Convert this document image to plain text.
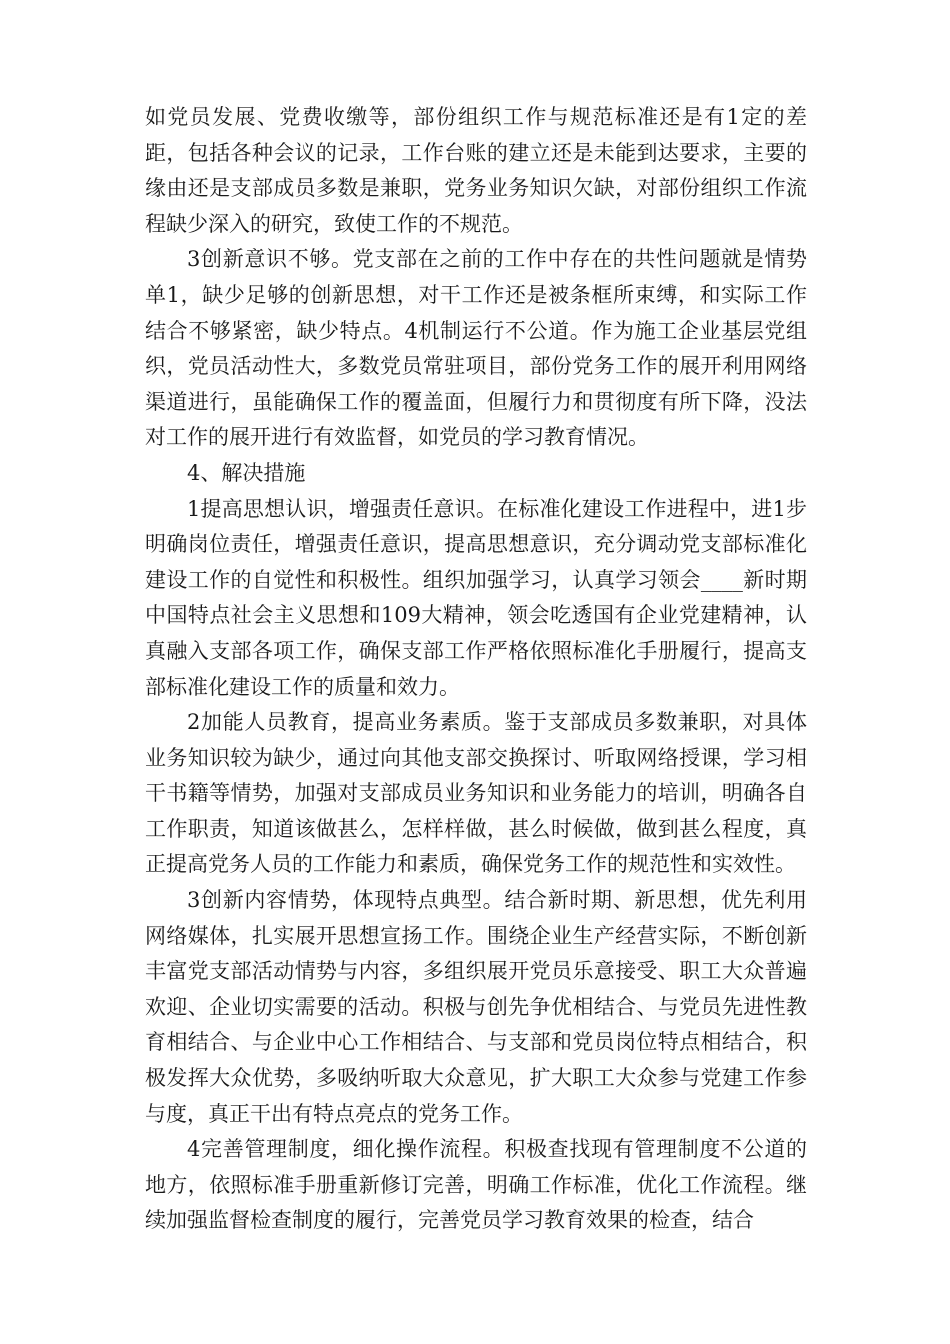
如党员发展、党费收缴等，部份组织工作与规范标准还是有1定的差距，包括各种会议的记录，工作台账的建立还是未能到达要求，主要的缘由还是支部成员多数是兼职，党务业务知识欠缺，对部份组织工作流程缺少深入的研究，致使工作的不规范。

3创新意识不够。党支部在之前的工作中存在的共性问题就是情势单1，缺少足够的创新思想，对干工作还是被条框所束缚，和实际工作结合不够紧密，缺少特点。4机制运行不公道。作为施工企业基层党组织，党员活动性大，多数党员常驻项目，部份党务工作的展开利用网络渠道进行，虽能确保工作的覆盖面，但履行力和贯彻度有所下降，没法对工作的展开进行有效监督，如党员的学习教育情况。

4、解决措施

1提高思想认识，增强责任意识。在标准化建设工作进程中，进1步明确岗位责任，增强责任意识，提高思想意识，充分调动党支部标准化建设工作的自觉性和积极性。组织加强学习，认真学习领会____新时期中国特点社会主义思想和109大精神，领会吃透国有企业党建精神，认真融入支部各项工作，确保支部工作严格依照标准化手册履行，提高支部标准化建设工作的质量和效力。

2加能人员教育，提高业务素质。鉴于支部成员多数兼职，对具体业务知识较为缺少，通过向其他支部交换探讨、听取网络授课，学习相干书籍等情势，加强对支部成员业务知识和业务能力的培训，明确各自工作职责，知道该做甚么，怎样样做，甚么时候做，做到甚么程度，真正提高党务人员的工作能力和素质，确保党务工作的规范性和实效性。

3创新内容情势，体现特点典型。结合新时期、新思想，优先利用网络媒体，扎实展开思想宣扬工作。围绕企业生产经营实际，不断创新丰富党支部活动情势与内容，多组织展开党员乐意接受、职工大众普遍欢迎、企业切实需要的活动。积极与创先争优相结合、与党员先进性教育相结合、与企业中心工作相结合、与支部和党员岗位特点相结合，积极发挥大众优势，多吸纳听取大众意见，扩大职工大众参与党建工作参与度，真正干出有特点亮点的党务工作。

4完善管理制度，细化操作流程。积极查找现有管理制度不公道的地方，依照标准手册重新修订完善，明确工作标准，优化工作流程。继续加强监督检查制度的履行，完善党员学习教育效果的检查，结合
